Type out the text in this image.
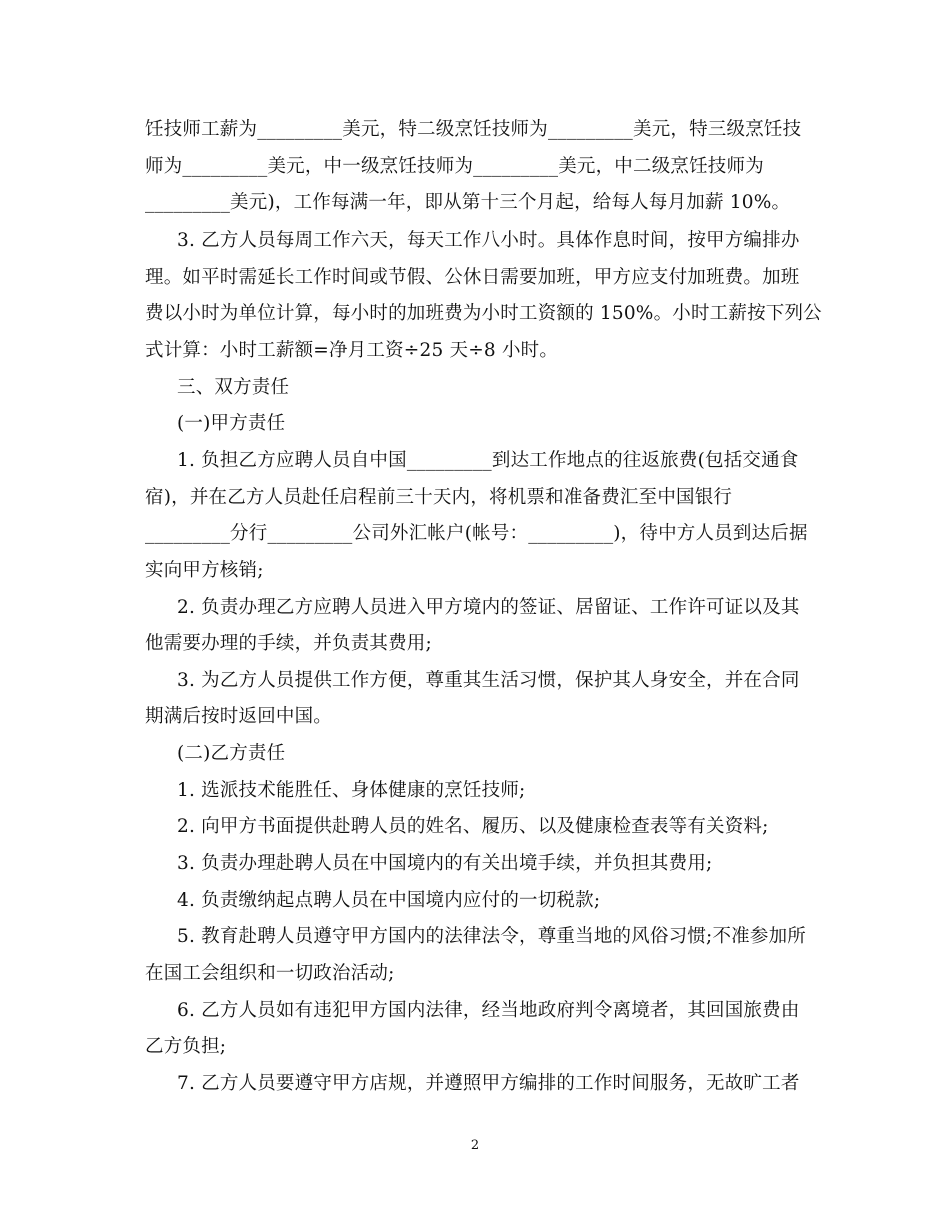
饪技师工薪为_________美元，特二级烹饪技师为_________美元，特三级烹饪技
师为_________美元，中一级烹饪技师为_________美元，中二级烹饪技师为
_________美元)，工作每满一年，即从第十三个月起，给每人每月加薪 10%。
3. 乙方人员每周工作六天，每天工作八小时。具体作息时间，按甲方编排办
理。如平时需延长工作时间或节假、公休日需要加班，甲方应支付加班费。加班
费以小时为单位计算，每小时的加班费为小时工资额的 150%。小时工薪按下列公
式计算：小时工薪额=净月工资÷25 天÷8 小时。
三、双方责任
(一)甲方责任
1. 负担乙方应聘人员自中国_________到达工作地点的往返旅费(包括交通食
宿)，并在乙方人员赴任启程前三十天内，将机票和准备费汇至中国银行
_________分行_________公司外汇帐户(帐号：_________)，待中方人员到达后据
实向甲方核销;
2. 负责办理乙方应聘人员进入甲方境内的签证、居留证、工作许可证以及其
他需要办理的手续，并负责其费用;
3. 为乙方人员提供工作方便，尊重其生活习惯，保护其人身安全，并在合同
期满后按时返回中国。
(二)乙方责任
1. 选派技术能胜任、身体健康的烹饪技师;
2. 向甲方书面提供赴聘人员的姓名、履历、以及健康检查表等有关资料;
3. 负责办理赴聘人员在中国境内的有关出境手续，并负担其费用;
4. 负责缴纳起点聘人员在中国境内应付的一切税款;
5. 教育赴聘人员遵守甲方国内的法律法令，尊重当地的风俗习惯;不准参加所
在国工会组织和一切政治活动;
6. 乙方人员如有违犯甲方国内法律，经当地政府判令离境者，其回国旅费由
乙方负担;
7. 乙方人员要遵守甲方店规，并遵照甲方编排的工作时间服务，无故旷工者
2
